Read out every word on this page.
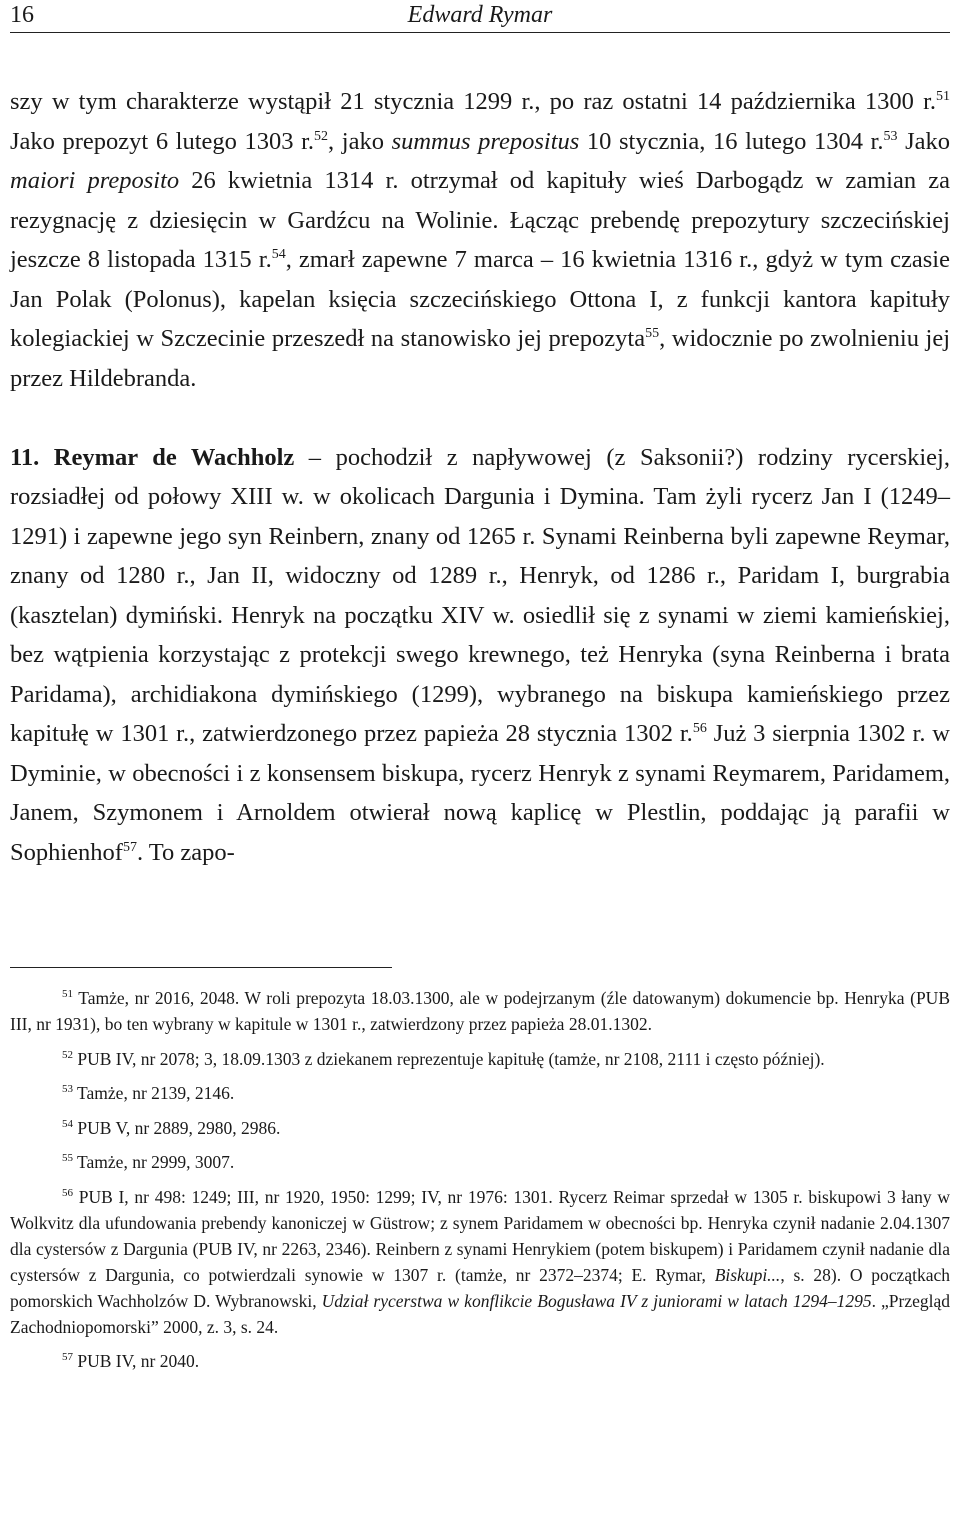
16	Edward Rymar

szy w tym charakterze wystąpił 21 stycznia 1299 r., po raz ostatni 14 października 1300 r.$^{51}$ Jako prepozyt 6 lutego 1303 r.$^{52}$, jako summus prepositus 10 stycznia, 16 lutego 1304 r.$^{53}$ Jako maiori preposito 26 kwietnia 1314 r. otrzymał od kapituły wieś Darbogądz w zamian za rezygnację z dziesięcin w Gardźcu na Wolinie. Łącząc prebendę prepozytury szczecińskiej jeszcze 8 listopada 1315 r.$^{54}$, zmarł zapewne 7 marca – 16 kwietnia 1316 r., gdyż w tym czasie Jan Polak (Polonus), kapelan księcia szczecińskiego Ottona I, z funkcji kantora kapituły kolegiackiej w Szczecinie przeszedł na stanowisko jej prepozyta$^{55}$, widocznie po zwolnieniu jej przez Hildebranda.

11. Reymar de Wachholz – pochodził z napływowej (z Saksonii?) rodziny rycerskiej, rozsiadłej od połowy XIII w. w okolicach Dargunia i Dymina. Tam żyli rycerz Jan I (1249–1291) i zapewne jego syn Reinbern, znany od 1265 r. Synami Reinberna byli zapewne Reymar, znany od 1280 r., Jan II, widoczny od 1289 r., Henryk, od 1286 r., Paridam I, burgrabia (kasztelan) dymiński. Henryk na początku XIV w. osiedlił się z synami w ziemi kamieńskiej, bez wątpienia korzystając z protekcji swego krewnego, też Henryka (syna Reinberna i brata Paridama), archidiakona dymińskiego (1299), wybranego na biskupa kamieńskiego przez kapitułę w 1301 r., zatwierdzonego przez papieża 28 stycznia 1302 r.$^{56}$ Już 3 sierpnia 1302 r. w Dyminie, w obecności i z konsensem biskupa, rycerz Henryk z synami Reymarem, Paridamem, Janem, Szymonem i Arnoldem otwierał nową kaplicę w Plestlin, poddając ją parafii w Sophienhof$^{57}$. To zapo-

$^{51}$ Tamże, nr 2016, 2048. W roli prepozyta 18.03.1300, ale w podejrzanym (źle datowanym) dokumencie bp. Henryka (PUB III, nr 1931), bo ten wybrany w kapitule w 1301 r., zatwierdzony przez papieża 28.01.1302.

$^{52}$ PUB IV, nr 2078; 3, 18.09.1303 z dziekanem reprezentuje kapitułę (tamże, nr 2108, 2111 i często później).

$^{53}$ Tamże, nr 2139, 2146.

$^{54}$ PUB V, nr 2889, 2980, 2986.

$^{55}$ Tamże, nr 2999, 3007.

$^{56}$ PUB I, nr 498: 1249; III, nr 1920, 1950: 1299; IV, nr 1976: 1301. Rycerz Reimar sprzedał w 1305 r. biskupowi 3 łany w Wolkvitz dla ufundowania prebendy kanoniczej w Güstrow; z synem Paridamem w obecności bp. Henryka czynił nadanie 2.04.1307 dla cystersów z Dargunia (PUB IV, nr 2263, 2346). Reinbern z synami Henrykiem (potem biskupem) i Paridamem czynił nadanie dla cystersów z Dargunia, co potwierdzali synowie w 1307 r. (tamże, nr 2372–2374; E. Rymar, Biskupi..., s. 28). O początkach pomorskich Wachholzów D. Wybranowski, Udział rycerstwa w konflikcie Bogusława IV z juniorami w latach 1294–1295. „Przegląd Zachodniopomorski” 2000, z. 3, s. 24.

$^{57}$ PUB IV, nr 2040.
